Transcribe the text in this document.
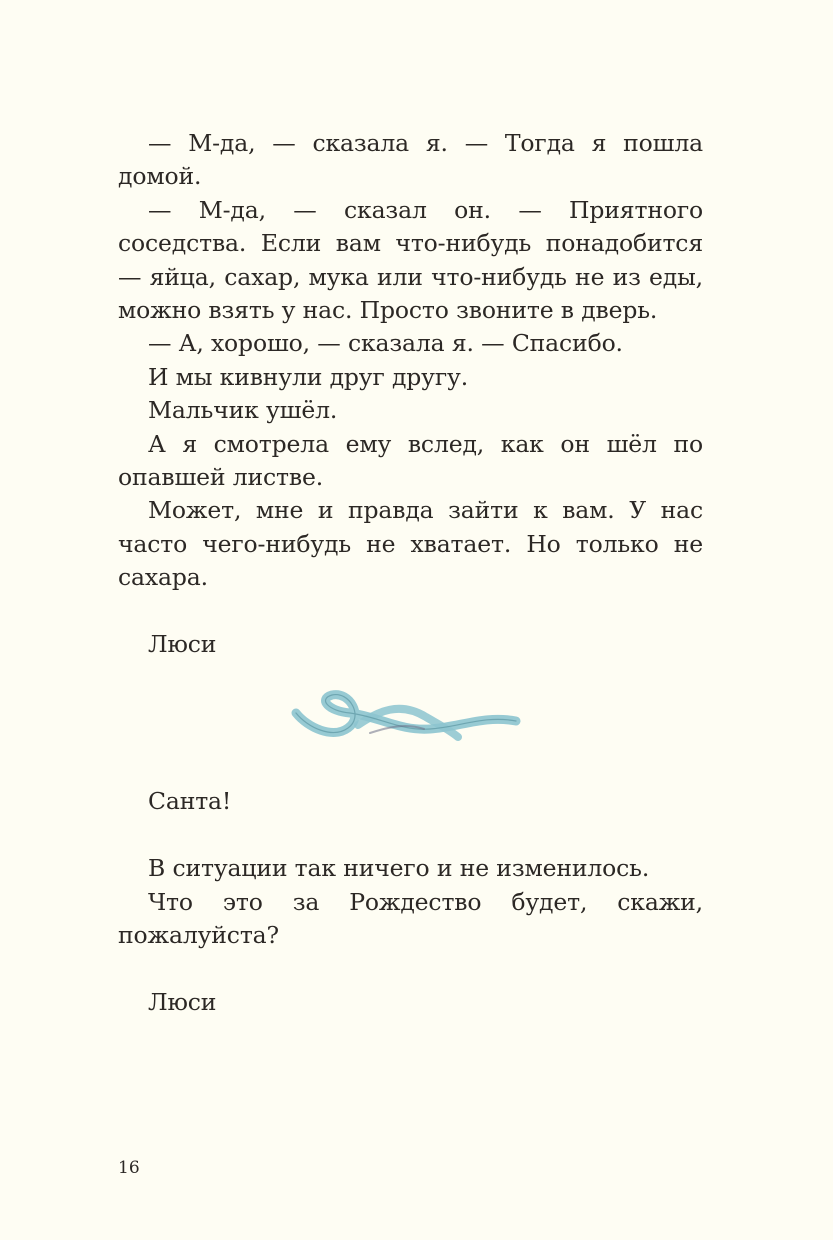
— М-да, — сказала я. — Тогда я пошла домой.

— М-да, — сказал он. — Приятного соседства. Если вам что-нибудь понадобится — яйца, сахар, мука или что-нибудь не из еды, можно взять у нас. Просто звоните в дверь.

— А, хорошо, — сказала я. — Спасибо.

И мы кивнули друг другу.

Мальчик ушёл.

А я смотрела ему вслед, как он шёл по опавшей листве.

Может, мне и правда зайти к вам. У нас часто чего-нибудь не хватает. Но только не сахара.

Люси

Санта!

В ситуации так ничего и не изменилось.

Что это за Рождество будет, скажи, пожалуйста?

Люси

16
